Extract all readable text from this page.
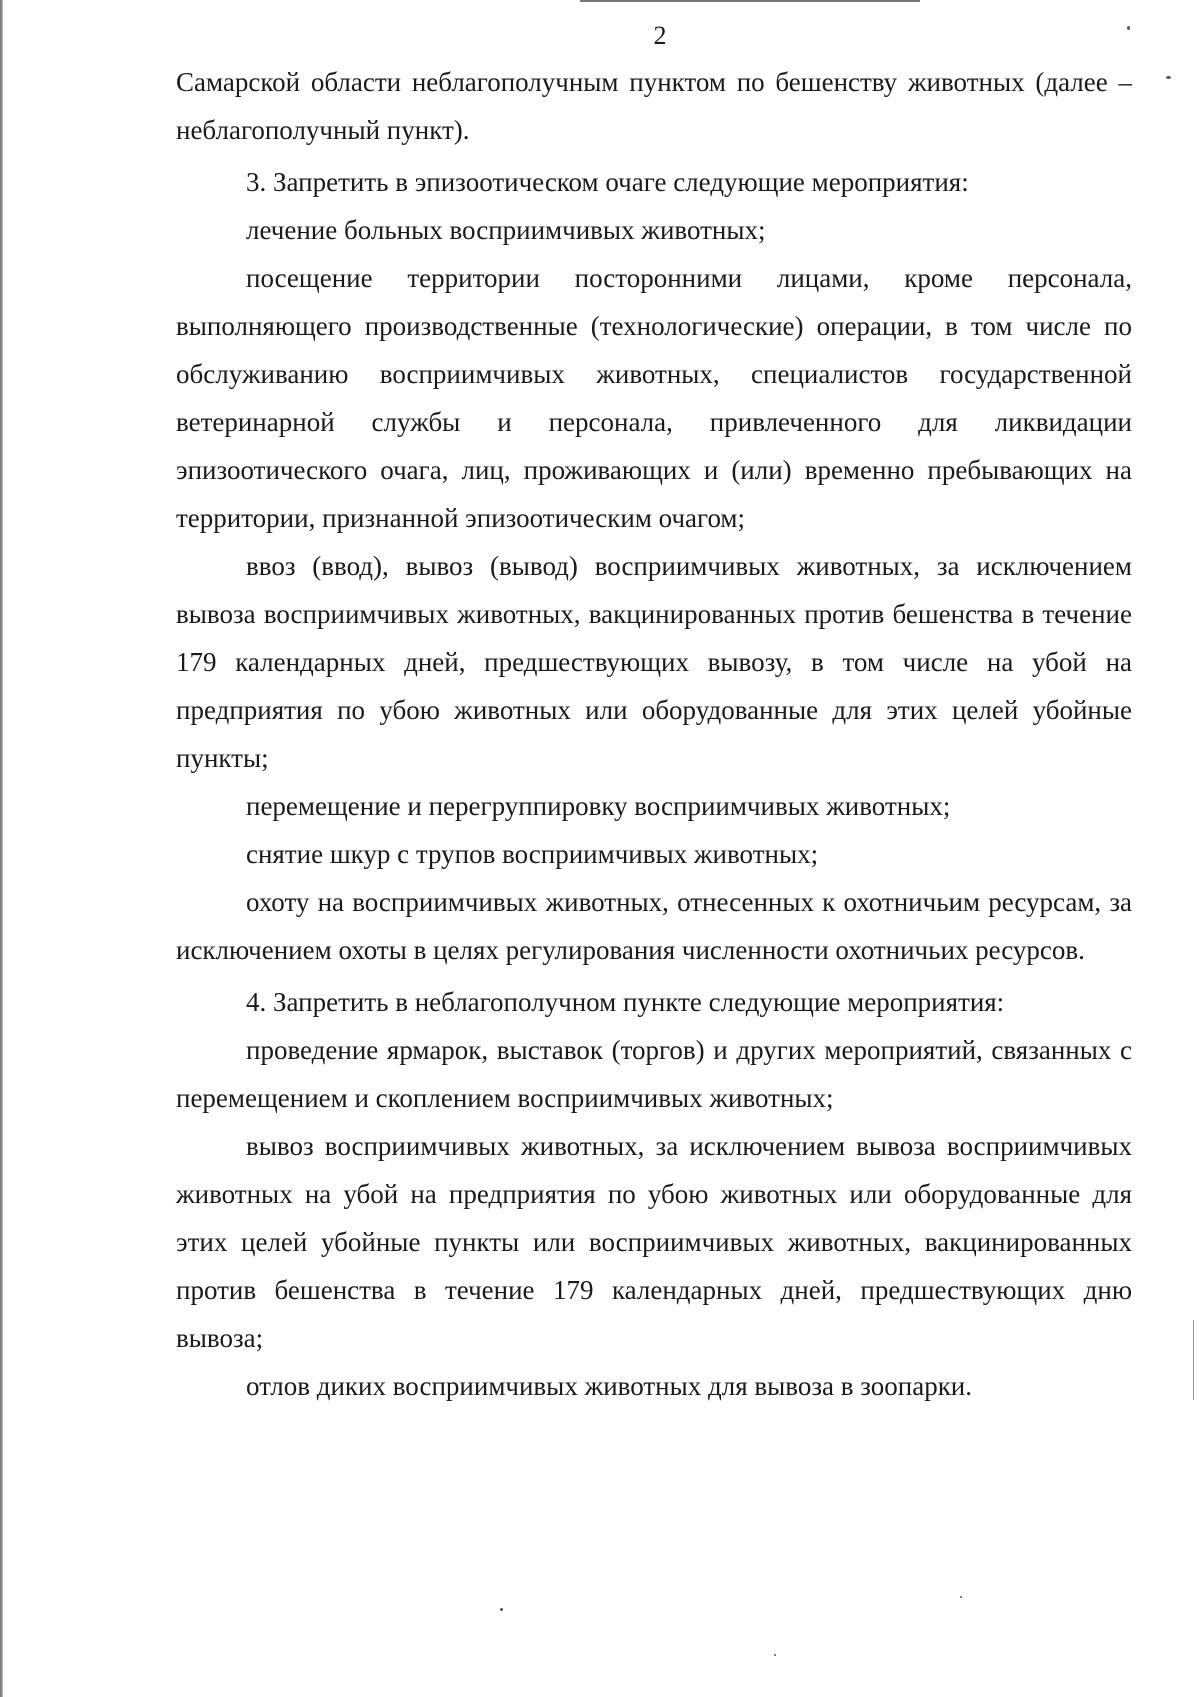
2

Самарской области неблагополучным пунктом по бешенству животных (далее – неблагополучный пункт).

3. Запретить в эпизоотическом очаге следующие мероприятия:

лечение больных восприимчивых животных;

посещение территории посторонними лицами, кроме персонала, выполняющего производственные (технологические) операции, в том числе по обслуживанию восприимчивых животных, специалистов государственной ветеринарной службы и персонала, привлеченного для ликвидации эпизоотического очага, лиц, проживающих и (или) временно пребывающих на территории, признанной эпизоотическим очагом;

ввоз (ввод), вывоз (вывод) восприимчивых животных, за исключением вывоза восприимчивых животных, вакцинированных против бешенства в течение 179 календарных дней, предшествующих вывозу, в том числе на убой на предприятия по убою животных или оборудованные для этих целей убойные пункты;

перемещение и перегруппировку восприимчивых животных;

снятие шкур с трупов восприимчивых животных;

охоту на восприимчивых животных, отнесенных к охотничьим ресурсам, за исключением охоты в целях регулирования численности охотничьих ресурсов.

4. Запретить в неблагополучном пункте следующие мероприятия:

проведение ярмарок, выставок (торгов) и других мероприятий, связанных с перемещением и скоплением восприимчивых животных;

вывоз восприимчивых животных, за исключением вывоза восприимчивых животных на убой на предприятия по убою животных или оборудованные для этих целей убойные пункты или восприимчивых животных, вакцинированных против бешенства в течение 179 календарных дней, предшествующих дню вывоза;

отлов диких восприимчивых животных для вывоза в зоопарки.
